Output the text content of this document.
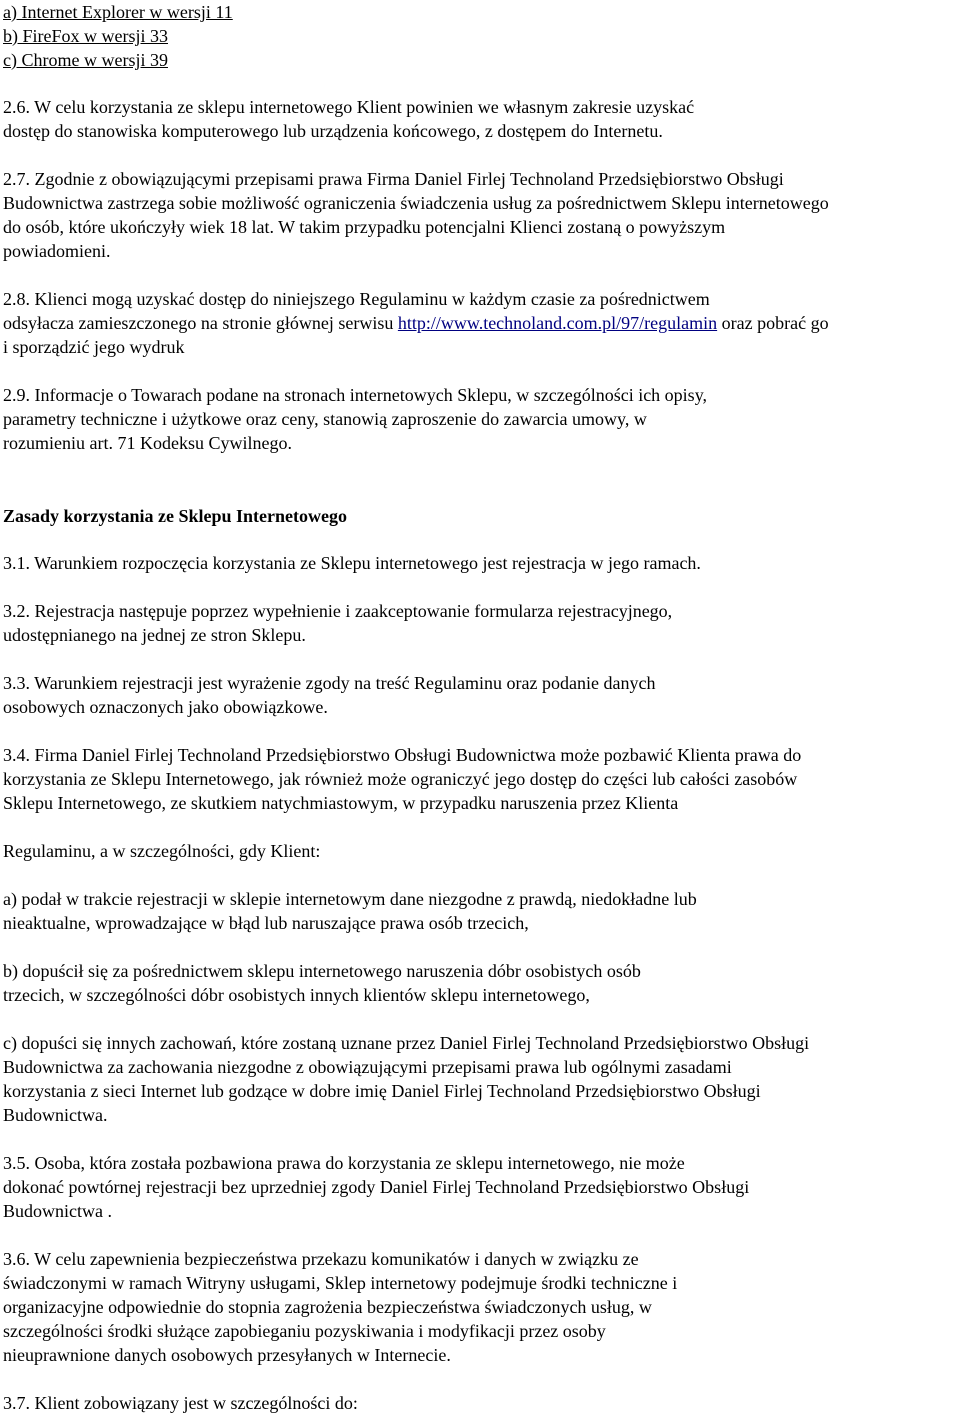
a) Internet Explorer w wersji 11
b) FireFox w wersji 33
c) Chrome w wersji 39
2.6. W celu korzystania ze sklepu internetowego Klient powinien we własnym zakresie uzyskać
dostęp do stanowiska komputerowego lub urządzenia końcowego, z dostępem do Internetu.
2.7. Zgodnie z obowiązującymi przepisami prawa Firma Daniel Firlej Technoland Przedsiębiorstwo Obsługi
Budownictwa zastrzega sobie możliwość ograniczenia świadczenia usług za pośrednictwem Sklepu internetowego
do osób, które ukończyły wiek 18 lat. W takim przypadku potencjalni Klienci zostaną o powyższym
powiadomieni.
2.8. Klienci mogą uzyskać dostęp do niniejszego Regulaminu w każdym czasie za pośrednictwem
odsyłacza zamieszczonego na stronie głównej serwisu http://www.technoland.com.pl/97/regulamin oraz pobrać go
i sporządzić jego wydruk
2.9. Informacje o Towarach podane na stronach internetowych Sklepu, w szczególności ich opisy,
parametry techniczne i użytkowe oraz ceny, stanowią zaproszenie do zawarcia umowy, w
rozumieniu art. 71 Kodeksu Cywilnego.
Zasady korzystania ze Sklepu Internetowego
3.1. Warunkiem rozpoczęcia korzystania ze Sklepu internetowego jest rejestracja w jego ramach.
3.2. Rejestracja następuje poprzez wypełnienie i zaakceptowanie formularza rejestracyjnego,
udostępnianego na jednej ze stron Sklepu.
3.3. Warunkiem rejestracji jest wyrażenie zgody na treść Regulaminu oraz podanie danych
osobowych oznaczonych jako obowiązkowe.
3.4. Firma Daniel Firlej Technoland Przedsiębiorstwo Obsługi Budownictwa może pozbawić Klienta prawa do
korzystania ze Sklepu Internetowego, jak również może ograniczyć jego dostęp do części lub całości zasobów
Sklepu Internetowego, ze skutkiem natychmiastowym, w przypadku naruszenia przez Klienta
Regulaminu, a w szczególności, gdy Klient:
a) podał w trakcie rejestracji w sklepie internetowym dane niezgodne z prawdą, niedokładne lub
nieaktualne, wprowadzające w błąd lub naruszające prawa osób trzecich,
b) dopuścił się za pośrednictwem sklepu internetowego naruszenia dóbr osobistych osób
trzecich, w szczególności dóbr osobistych innych klientów sklepu internetowego,
c) dopuści się innych zachowań, które zostaną uznane przez Daniel Firlej Technoland Przedsiębiorstwo Obsługi
Budownictwa za zachowania niezgodne z obowiązującymi przepisami prawa lub ogólnymi zasadami
korzystania z sieci Internet lub godzące w dobre imię Daniel Firlej Technoland Przedsiębiorstwo Obsługi
Budownictwa.
3.5. Osoba, która została pozbawiona prawa do korzystania ze sklepu internetowego, nie może
dokonać powtórnej rejestracji bez uprzedniej zgody Daniel Firlej Technoland Przedsiębiorstwo Obsługi
Budownictwa .
3.6. W celu zapewnienia bezpieczeństwa przekazu komunikatów i danych w związku ze
świadczonymi w ramach Witryny usługami, Sklep internetowy podejmuje środki techniczne i
organizacyjne odpowiednie do stopnia zagrożenia bezpieczeństwa świadczonych usług, w
szczególności środki służące zapobieganiu pozyskiwania i modyfikacji przez osoby
nieuprawnione danych osobowych przesyłanych w Internecie.
3.7. Klient zobowiązany jest w szczególności do:
